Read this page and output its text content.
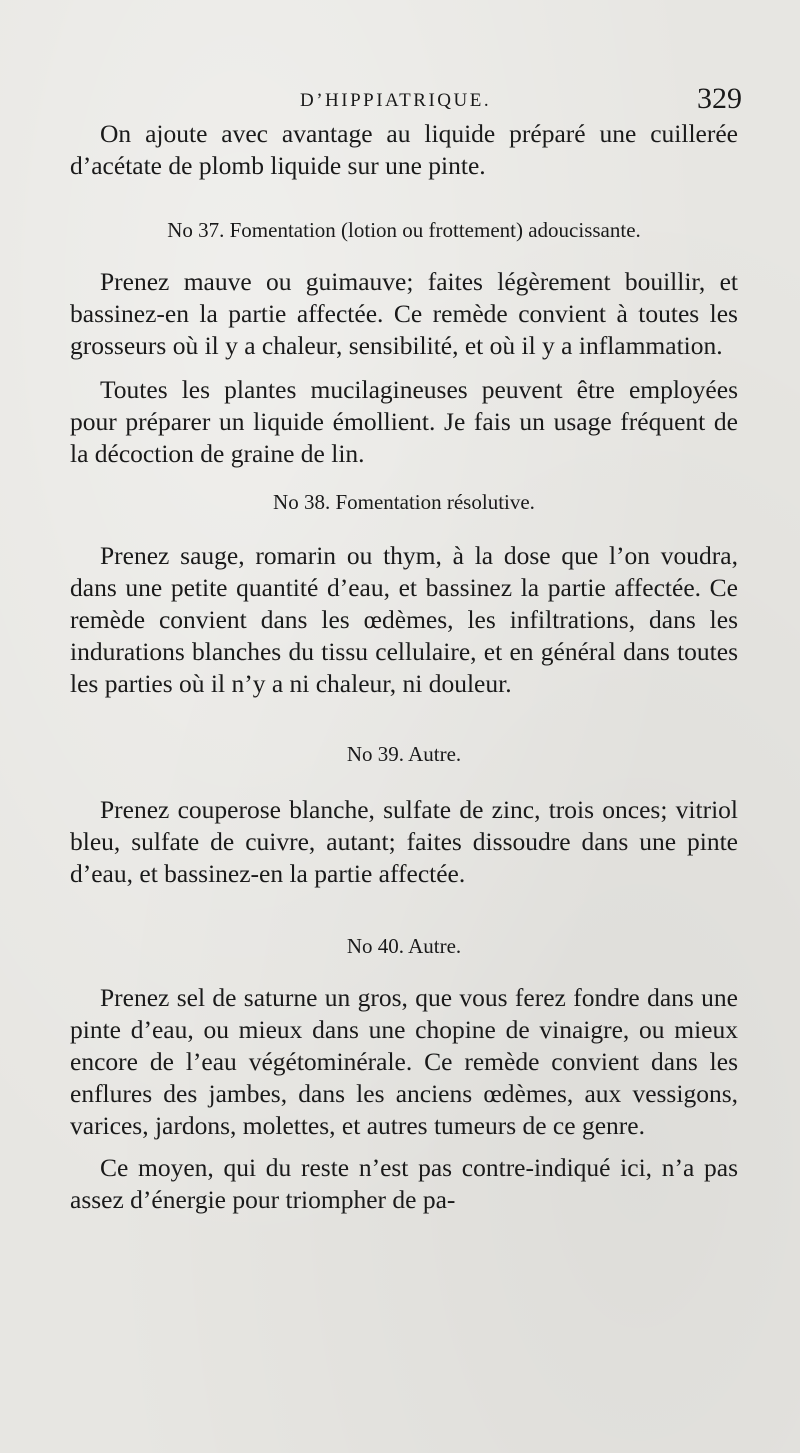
D’HIPPIATRIQUE.	329

On ajoute avec avantage au liquide préparé une cuillerée d’acétate de plomb liquide sur une pinte.

No 37. Fomentation (lotion ou frottement) adoucissante.

Prenez mauve ou guimauve; faites légèrement bouillir, et bassinez-en la partie affectée. Ce remède convient à toutes les grosseurs où il y a chaleur, sensibilité, et où il y a inflammation.

Toutes les plantes mucilagineuses peuvent être employées pour préparer un liquide émollient. Je fais un usage fréquent de la décoction de graine de lin.

No 38. Fomentation résolutive.

Prenez sauge, romarin ou thym, à la dose que l’on voudra, dans une petite quantité d’eau, et bassinez la partie affectée. Ce remède convient dans les œdèmes, les infiltrations, dans les indurations blanches du tissu cellulaire, et en général dans toutes les parties où il n’y a ni chaleur, ni douleur.

No 39. Autre.

Prenez couperose blanche, sulfate de zinc, trois onces; vitriol bleu, sulfate de cuivre, autant; faites dissoudre dans une pinte d’eau, et bassinez-en la partie affectée.

No 40. Autre.

Prenez sel de saturne un gros, que vous ferez fondre dans une pinte d’eau, ou mieux dans une chopine de vinaigre, ou mieux encore de l’eau végétominérale. Ce remède convient dans les enflures des jambes, dans les anciens œdèmes, aux vessigons, varices, jardons, molettes, et autres tumeurs de ce genre.

Ce moyen, qui du reste n’est pas contre-indiqué ici, n’a pas assez d’énergie pour triompher de pa-
